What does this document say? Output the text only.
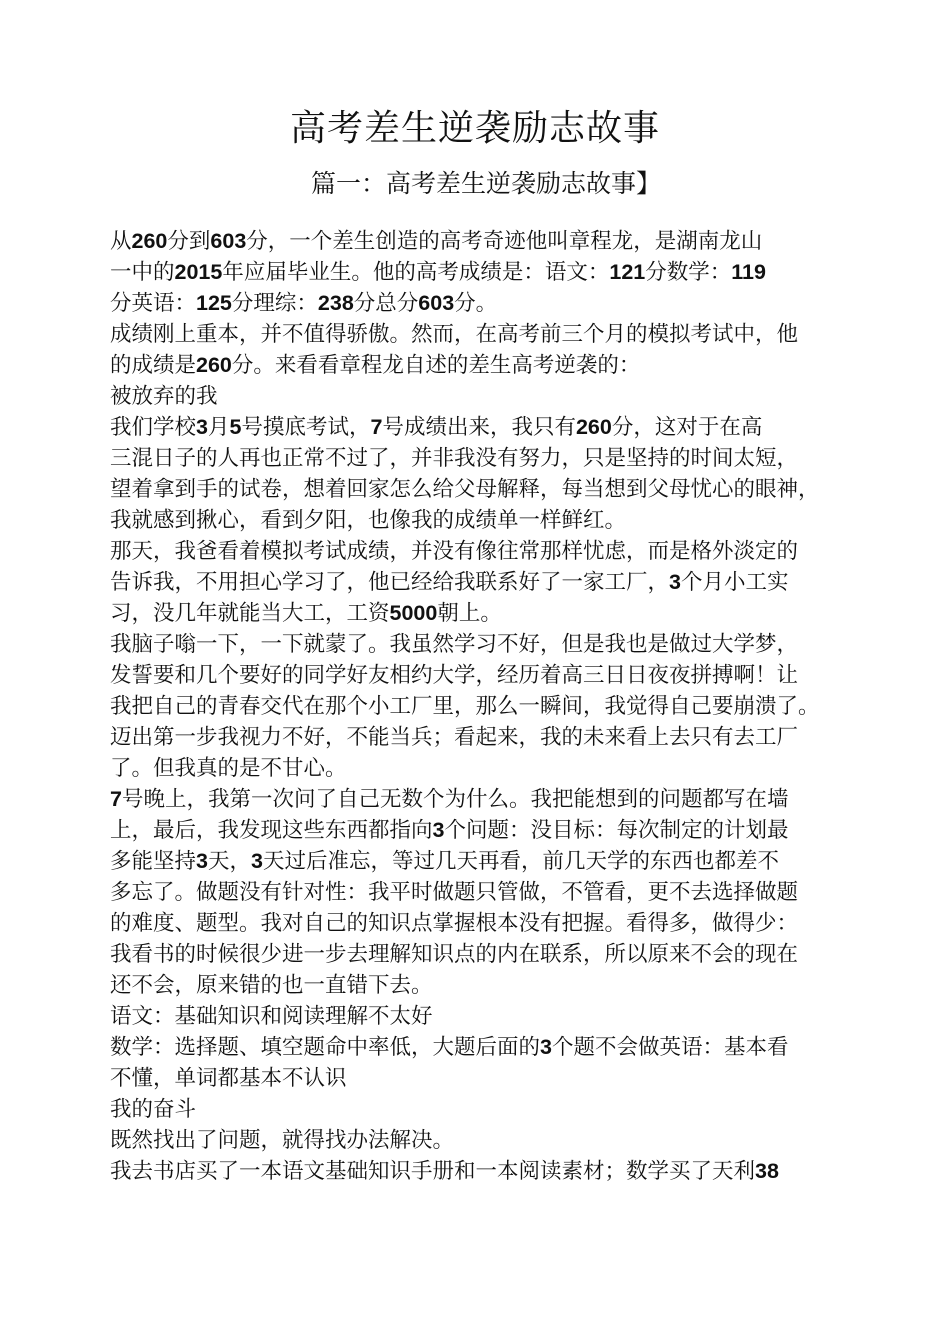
高考差生逆袭励志故事
篇一：高考差生逆袭励志故事】

从260分到603分，一个差生创造的高考奇迹他叫章程龙，是湖南龙山

一中的2015年应届毕业生。他的高考成绩是：语文：121分数学：119

分英语：125分理综：238分总分603分。

成绩刚上重本，并不值得骄傲。然而，在高考前三个月的模拟考试中，他

的成绩是260分。来看看章程龙自述的差生高考逆袭的：

被放弃的我

我们学校3月5号摸底考试，7号成绩出来，我只有260分，这对于在高

三混日子的人再也正常不过了，并非我没有努力，只是坚持的时间太短，

望着拿到手的试卷，想着回家怎么给父母解释，每当想到父母忧心的眼神，

我就感到揪心，看到夕阳，也像我的成绩单一样鲜红。

那天，我爸看着模拟考试成绩，并没有像往常那样忧虑，而是格外淡定的

告诉我，不用担心学习了，他已经给我联系好了一家工厂，3个月小工实

习，没几年就能当大工，工资5000朝上。

我脑子嗡一下，一下就蒙了。我虽然学习不好，但是我也是做过大学梦，

发誓要和几个要好的同学好友相约大学，经历着高三日日夜夜拼搏啊！让

我把自己的青春交代在那个小工厂里，那么一瞬间，我觉得自己要崩溃了。

迈出第一步我视力不好，不能当兵；看起来，我的未来看上去只有去工厂

了。但我真的是不甘心。

7号晚上，我第一次问了自己无数个为什么。我把能想到的问题都写在墙

上，最后，我发现这些东西都指向3个问题：没目标：每次制定的计划最

多能坚持3天，3天过后准忘，等过几天再看，前几天学的东西也都差不

多忘了。做题没有针对性：我平时做题只管做，不管看，更不去选择做题

的难度、题型。我对自己的知识点掌握根本没有把握。看得多，做得少：

我看书的时候很少进一步去理解知识点的内在联系，所以原来不会的现在

还不会，原来错的也一直错下去。

语文：基础知识和阅读理解不太好

数学：选择题、填空题命中率低，大题后面的3个题不会做英语：基本看

不懂，单词都基本不认识

我的奋斗

既然找出了问题，就得找办法解决。

我去书店买了一本语文基础知识手册和一本阅读素材；数学买了天利38
